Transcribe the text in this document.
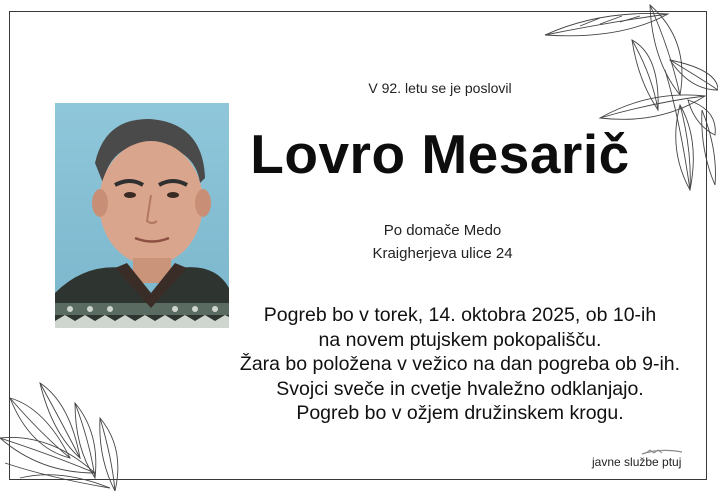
V 92. letu se je poslovil
Lovro Mesarič
Po domače Medo
Kraigherjeva ulice 24
Pogreb bo v torek, 14. oktobra 2025, ob 10-ih
na novem ptujskem pokopališču.
Žara bo položena v vežico na dan pogreba ob 9-ih.
Svojci sveče in cvetje hvaležno odklanjajo.
Pogreb bo v ožjem družinskem krogu.
javne službe ptuj
